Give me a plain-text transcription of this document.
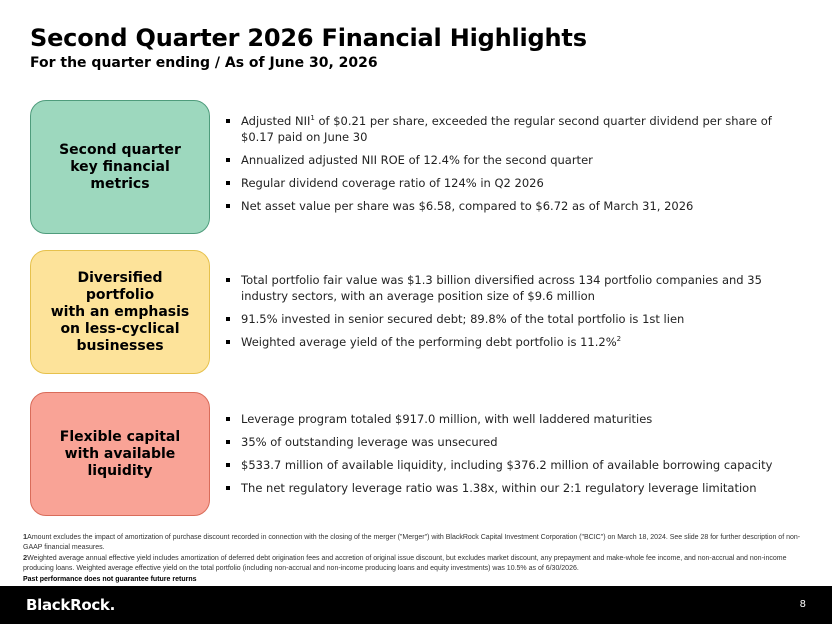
Second Quarter 2026 Financial Highlights
For the quarter ending / As of June 30, 2026
Second quarter
key financial
metrics
Adjusted NII$^1$ of $0.21 per share, exceeded the regular second quarter dividend per share of $0.17 paid on June 30
Annualized adjusted NII ROE of 12.4% for the second quarter
Regular dividend coverage ratio of 124% in Q2 2026
Net asset value per share was $6.58, compared to $6.72 as of March 31, 2026
Diversified
portfolio
with an emphasis
on less-cyclical
businesses
Total portfolio fair value was $1.3 billion diversified across 134 portfolio companies and 35 industry sectors, with an average position size of $9.6 million
91.5% invested in senior secured debt; 89.8% of the total portfolio is 1st lien
Weighted average yield of the performing debt portfolio is 11.2%$^2$
Flexible capital
with available
liquidity
Leverage program totaled $917.0 million, with well laddered maturities
35% of outstanding leverage was unsecured
$533.7 million of available liquidity, including $376.2 million of available borrowing capacity
The net regulatory leverage ratio was 1.38x, within our 2:1 regulatory leverage limitation

1Amount excludes the impact of amortization of purchase discount recorded in connection with the closing of the merger ("Merger") with BlackRock Capital Investment Corporation ("BCIC") on March 18, 2024. See slide 28 for further description of non-GAAP financial measures.

2Weighted average annual effective yield includes amortization of deferred debt origination fees and accretion of original issue discount, but excludes market discount, any prepayment and make-whole fee income, and non-accrual and non-income producing loans. Weighted average effective yield on the total portfolio (including non-accrual and non-income producing loans and equity investments) was 10.5% as of 6/30/2026.

Past performance does not guarantee future returns

BlackRock.	8
